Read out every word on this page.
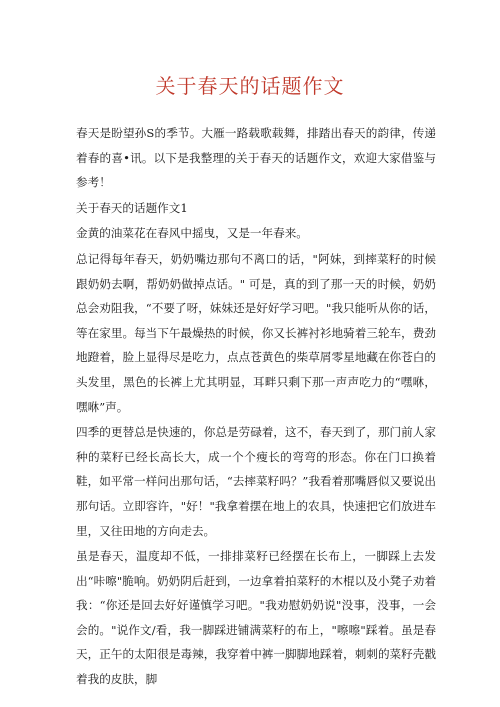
关于春天的话题作文

春天是盼望孙S的季节。大雁一路载歌载舞，排踏出春天的韵律，传递着春的喜•讯。以下是我整理的关于春天的话题作文，欢迎大家借鉴与参考！

关于春天的话题作文1

金黄的油菜花在春风中摇曳，又是一年春来。

总记得每年春天，奶奶嘴边那句不离口的话，"阿妹，到摔菜籽的时候跟奶奶去啊，帮奶奶做掉点话。" 可是，真的到了那一天的时候，奶奶总会劝阻我，“不要了呀，妹妹还是好好学习吧。"我只能听从你的话，等在家里。每当下午最燥热的时候，你又长裤衬衫地骑着三轮车，费劲地蹬着，脸上显得尽是吃力，点点苍黄色的柴草屑零星地藏在你苍白的头发里，黑色的长裤上尤其明显，耳畔只剩下那一声声吃力的“嘿咻，嘿咻”声。

四季的更替总是快速的，你总是劳碌着，这不，春天到了，那门前人家种的菜籽已经长高长大，成一个个瘦长的弯弯的形态。你在门口换着鞋，如平常一样问出那句话，“去摔菜籽吗？”我看着那嘴唇似又要说出那句话。立即容许，"好！"我拿着摆在地上的农具，快速把它们放进车里，又往田地的方向走去。

虽是春天，温度却不低，一排排菜籽已经摆在长布上，一脚踩上去发出“咔嚓"脆响。奶奶阴后赶到，一边拿着拍菜籽的木棍以及小凳子劝着我：“你还是回去好好谨慎学习吧。"我劝慰奶奶说"没事，没事，一会会的。"说作文/看，我一脚踩进铺满菜籽的布上，"嚓嚓"踩着。虽是春天，正午的太阳很是毒辣，我穿着中裤一脚脚地踩着，刺刺的菜籽壳戳着我的皮肤，脚
